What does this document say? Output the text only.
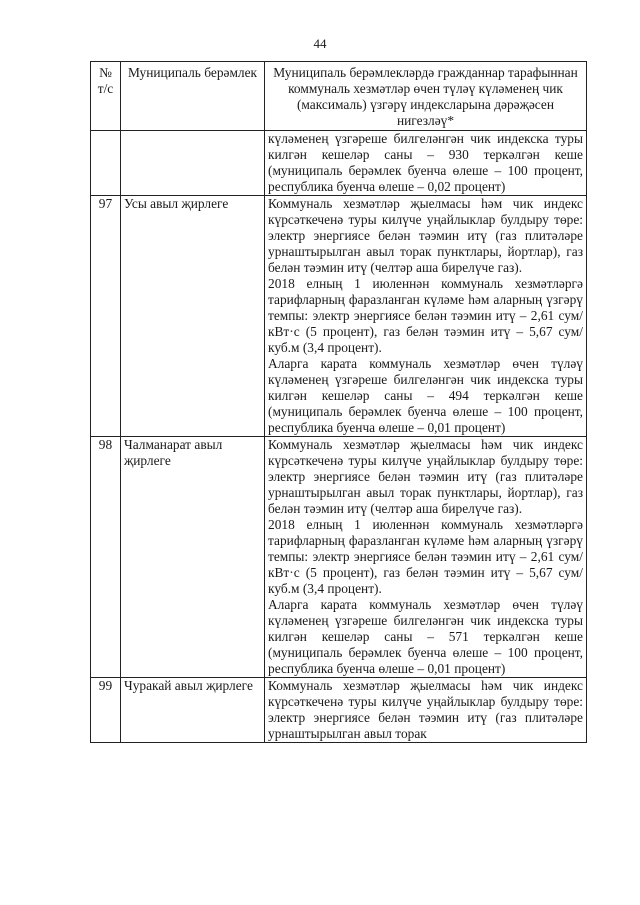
44
№ т/с	Муниципаль берәмлек	Муниципаль берәмлекләрдә гражданнар тарафыннан коммуналь хезмәтләр өчен түләү күләменең чик (максималь) үзгәрү индексларына дәрәҗәсен нигезләү*

		күләменең үзгәреше билгеләнгән чик индекска туры килгән кешеләр саны – 930 теркәлгән кеше (муниципаль берәмлек буенча өлеше – 100 процент, республика буенча өлеше – 0,02 процент)

97	Усы авыл җирлеге	Коммуналь хезмәтләр җыелмасы һәм чик индекс күрсәткеченә туры килүче уңайлыклар булдыру төре: электр энергиясе белән тәэмин итү (газ плитәләре урнаштырылган авыл торак пунктлары, йортлар), газ белән тәэмин итү (челтәр аша бирелүче газ).
2018 елның 1 июленнән коммуналь хезмәтләргә тарифларның фаразланган күләме һәм аларның үзгәрү темпы: электр энергиясе белән тәэмин итү – 2,61 сум/кВт·с (5 процент), газ белән тәэмин итү – 5,67 сум/куб.м (3,4 процент).
Аларга карата коммуналь хезмәтләр өчен түләү күләменең үзгәреше билгеләнгән чик индекска туры килгән кешеләр саны – 494 теркәлгән кеше (муниципаль берәмлек буенча өлеше – 100 процент, республика буенча өлеше – 0,01 процент)

98	Чалманарат авыл җирлеге	Коммуналь хезмәтләр җыелмасы һәм чик индекс күрсәткеченә туры килүче уңайлыклар булдыру төре: электр энергиясе белән тәэмин итү (газ плитәләре урнаштырылган авыл торак пунктлары, йортлар), газ белән тәэмин итү (челтәр аша бирелүче газ).
2018 елның 1 июленнән коммуналь хезмәтләргә тарифларның фаразланган күләме һәм аларның үзгәрү темпы: электр энергиясе белән тәэмин итү – 2,61 сум/кВт·с (5 процент), газ белән тәэмин итү – 5,67 сум/куб.м (3,4 процент).
Аларга карата коммуналь хезмәтләр өчен түләү күләменең үзгәреше билгеләнгән чик индекска туры килгән кешеләр саны – 571 теркәлгән кеше (муниципаль берәмлек буенча өлеше – 100 процент, республика буенча өлеше – 0,01 процент)

99	Чуракай авыл җирлеге	Коммуналь хезмәтләр җыелмасы һәм чик индекс күрсәткеченә туры килүче уңайлыклар булдыру төре: электр энергиясе белән тәэмин итү (газ плитәләре урнаштырылган авыл торак
